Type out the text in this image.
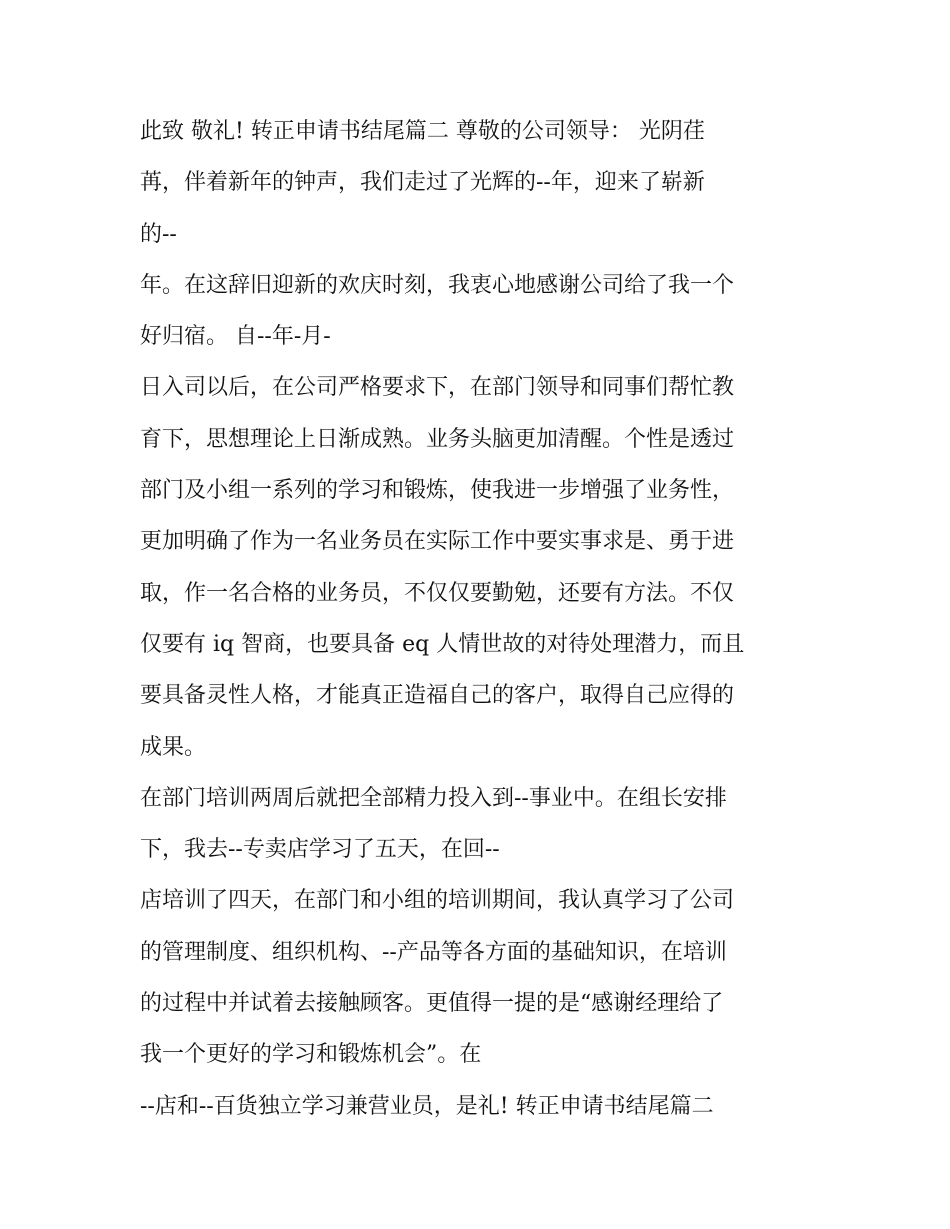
此致 敬礼! 转正申请书结尾篇二 尊敬的公司领导： 光阴荏
苒，伴着新年的钟声，我们走过了光辉的--年，迎来了崭新
的--
年。在这辞旧迎新的欢庆时刻，我衷心地感谢公司给了我一个
好归宿。 自--年-月-
日入司以后，在公司严格要求下，在部门领导和同事们帮忙教
育下，思想理论上日渐成熟。业务头脑更加清醒。个性是透过
部门及小组一系列的学习和锻炼，使我进一步增强了业务性，
更加明确了作为一名业务员在实际工作中要实事求是、勇于进
取，作一名合格的业务员，不仅仅要勤勉，还要有方法。不仅
仅要有 iq 智商，也要具备 eq 人情世故的对待处理潜力，而且
要具备灵性人格，才能真正造福自己的客户，取得自己应得的
成果。
在部门培训两周后就把全部精力投入到--事业中。在组长安排
下，我去--专卖店学习了五天，在回--
店培训了四天，在部门和小组的培训期间，我认真学习了公司
的管理制度、组织机构、--产品等各方面的基础知识，在培训
的过程中并试着去接触顾客。更值得一提的是“感谢经理给了
我一个更好的学习和锻炼机会”。在
--店和--百货独立学习兼营业员，是礼! 转正申请书结尾篇二
